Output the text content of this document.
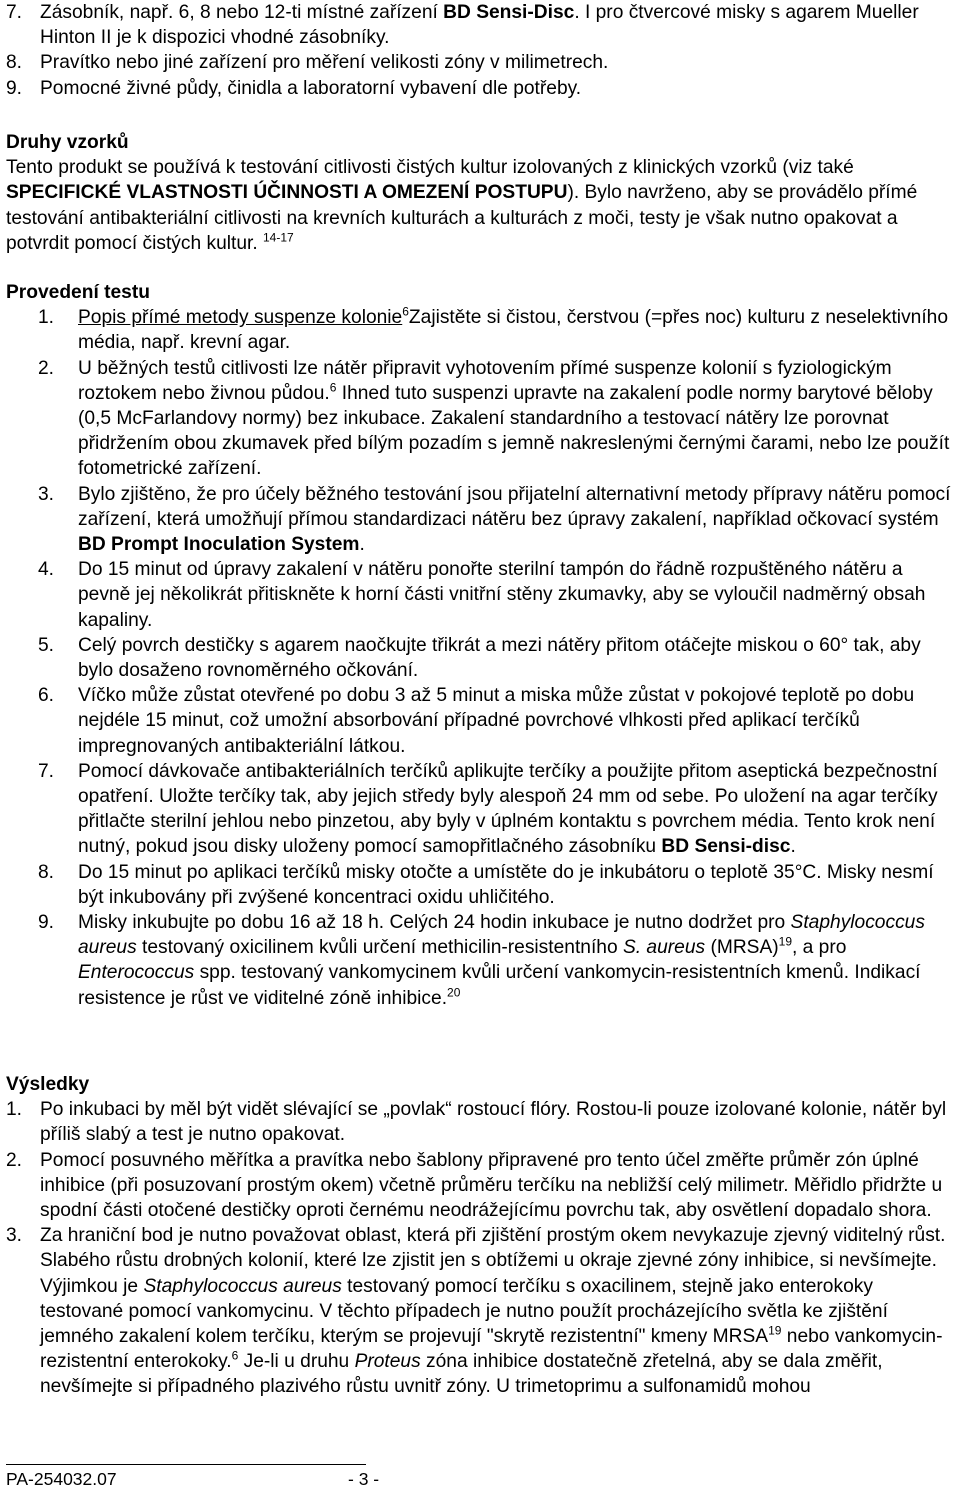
7. Zásobník, např. 6, 8 nebo 12-ti místné zařízení BD Sensi-Disc. I pro čtvercové misky s agarem Mueller Hinton II je k dispozici vhodné zásobníky.
8. Pravítko nebo jiné zařízení pro měření velikosti zóny v milimetrech.
9. Pomocné živné půdy, činidla a laboratorní vybavení dle potřeby.
Druhy vzorků

Tento produkt se používá k testování citlivosti čistých kultur izolovaných z klinických vzorků (viz také SPECIFICKÉ VLASTNOSTI ÚČINNOSTI A OMEZENÍ POSTUPU). Bylo navrženo, aby se provádělo přímé testování antibakteriální citlivosti na krevních kulturách a kulturách z moči, testy je však nutno opakovat a potvrdit pomocí čistých kultur. $^{14-17}$

Provedení testu
1. Popis přímé metody suspenze kolonie$^6$Zajistěte si čistou, čerstvou (=přes noc) kulturu z neselektivního média, např. krevní agar.
2. U běžných testů citlivosti lze nátěr připravit vyhotovením přímé suspenze kolonií s fyziologickým roztokem nebo živnou půdou.$^6$ Ihned tuto suspenzi upravte na zakalení podle normy barytové běloby (0,5 McFarlandovy normy) bez inkubace. Zakalení standardního a testovací nátěry lze porovnat přidržením obou zkumavek před bílým pozadím s jemně nakreslenými černými čarami, nebo lze použít fotometrické zařízení.
3. Bylo zjištěno, že pro účely běžného testování jsou přijatelní alternativní metody přípravy nátěru pomocí zařízení, která umožňují přímou standardizaci nátěru bez úpravy zakalení, například očkovací systém BD Prompt Inoculation System.
4. Do 15 minut od úpravy zakalení v nátěru ponořte sterilní tampón do řádně rozpuštěného nátěru a pevně jej několikrát přitiskněte k horní části vnitřní stěny zkumavky, aby se vyloučil nadměrný obsah kapaliny.
5. Celý povrch destičky s agarem naočkujte třikrát a mezi nátěry přitom otáčejte miskou o 60° tak, aby bylo dosaženo rovnoměrného očkování.
6. Víčko může zůstat otevřené po dobu 3 až 5 minut a miska může zůstat v pokojové teplotě po dobu nejdéle 15 minut, což umožní absorbování případné povrchové vlhkosti před aplikací terčíků impregnovaných antibakteriální látkou.
7. Pomocí dávkovače antibakteriálních terčíků aplikujte terčíky a použijte přitom aseptická bezpečnostní opatření. Uložte terčíky tak, aby jejich středy byly alespoň 24 mm od sebe. Po uložení na agar terčíky přitlačte sterilní jehlou nebo pinzetou, aby byly v úplném kontaktu s povrchem média. Tento krok není nutný, pokud jsou disky uloženy pomocí samopřitlačného zásobníku BD Sensi-disc.
8. Do 15 minut po aplikaci terčíků misky otočte a umístěte do je inkubátoru o teplotě 35°C. Misky nesmí být inkubovány při zvýšené koncentraci oxidu uhličitého.
9. Misky inkubujte po dobu 16 až 18 h. Celých 24 hodin inkubace je nutno dodržet pro Staphylococcus aureus testovaný oxicilinem kvůli určení methicilin-resistentního S. aureus (MRSA)$^{19}$, a pro Enterococcus spp. testovaný vankomycinem kvůli určení vankomycin-resistentních kmenů. Indikací resistence je růst ve viditelné zóně inhibice.$^{20}$
Výsledky
1. Po inkubaci by měl být vidět slévající se „povlak“ rostoucí flóry. Rostou-li pouze izolované kolonie, nátěr byl příliš slabý a test je nutno opakovat.
2. Pomocí posuvného měřítka a pravítka nebo šablony připravené pro tento účel změřte průměr zón úplné inhibice (při posuzovaní prostým okem) včetně průměru terčíku na nebližší celý milimetr. Měřidlo přidržte u spodní části otočené destičky oproti černému neodrážejícímu povrchu tak, aby osvětlení dopadalo shora.
3. Za hraniční bod je nutno považovat oblast, která při zjištění prostým okem nevykazuje zjevný viditelný růst. Slabého růstu drobných kolonií, které lze zjistit jen s obtížemi u okraje zjevné zóny inhibice, si nevšímejte. Výjimkou je Staphylococcus aureus testovaný pomocí terčíku s oxacilinem, stejně jako enterokoky testované pomocí vankomycinu. V těchto případech je nutno použít procházejícího světla ke zjištění jemného zakalení kolem terčíku, kterým se projevují "skrytě rezistentní" kmeny MRSA$^{19}$ nebo vankomycin-rezistentní enterokoky.$^6$ Je-li u druhu Proteus zóna inhibice dostatečně zřetelná, aby se dala změřit, nevšímejte si případného plazivého růstu uvnitř zóny. U trimetoprimu a sulfonamidů mohou
PA-254032.07	- 3 -
